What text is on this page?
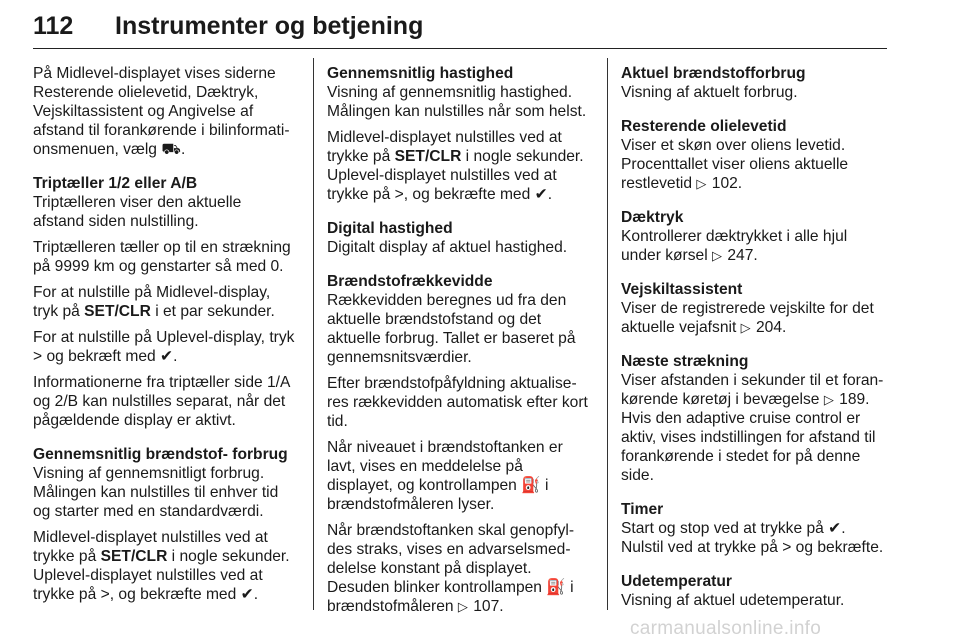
112 Instrumenter og betjening
På Midlevel-displayet vises siderne
Resterende olielevetid, Dæktryk,
Vejskiltassistent og Angivelse af
afstand til forankørende i bilinformati-
onsmenuen, vælg ⛟.
Triptæller 1/2 eller A/B
Triptælleren viser den aktuelle
afstand siden nulstilling.
Triptælleren tæller op til en strækning
på 9999 km og genstarter så med 0.
For at nulstille på Midlevel-display,
tryk på SET/CLR i et par sekunder.
For at nulstille på Uplevel-display, tryk
> og bekræft med ✔.
Informationerne fra triptæller side 1/A
og 2/B kan nulstilles separat, når det
pågældende display er aktivt.
Gennemsnitlig brændstof- forbrug
Visning af gennemsnitligt forbrug.
Målingen kan nulstilles til enhver tid
og starter med en standardværdi.
Midlevel-displayet nulstilles ved at
trykke på SET/CLR i nogle sekunder.
Uplevel-displayet nulstilles ved at
trykke på >, og bekræfte med ✔.
Gennemsnitlig hastighed
Visning af gennemsnitlig hastighed.
Målingen kan nulstilles når som helst.
Midlevel-displayet nulstilles ved at
trykke på SET/CLR i nogle sekunder.
Uplevel-displayet nulstilles ved at
trykke på >, og bekræfte med ✔.
Digital hastighed
Digitalt display af aktuel hastighed.
Brændstofrækkevidde
Rækkevidden beregnes ud fra den
aktuelle brændstofstand og det
aktuelle forbrug. Tallet er baseret på
gennemsnitsværdier.
Efter brændstofpåfyldning aktualise-
res rækkevidden automatisk efter kort
tid.
Når niveauet i brændstoftanken er
lavt, vises en meddelelse på
displayet, og kontrollampen ⛽ i
brændstofmåleren lyser.
Når brændstoftanken skal genopfyl-
des straks, vises en advarselsmed-
delelse konstant på displayet.
Desuden blinker kontrollampen ⛽ i
brændstofmåleren ▷ 107.
Aktuel brændstofforbrug
Visning af aktuelt forbrug.
Resterende olielevetid
Viser et skøn over oliens levetid.
Procenttallet viser oliens aktuelle
restlevetid ▷ 102.
Dæktryk
Kontrollerer dæktrykket i alle hjul
under kørsel ▷ 247.
Vejskiltassistent
Viser de registrerede vejskilte for det
aktuelle vejafsnit ▷ 204.
Næste strækning
Viser afstanden i sekunder til et foran-
kørende køretøj i bevægelse ▷ 189.
Hvis den adaptive cruise control er
aktiv, vises indstillingen for afstand til
forankørende i stedet for på denne
side.
Timer
Start og stop ved at trykke på ✔.
Nulstil ved at trykke på > og bekræfte.
Udetemperatur
Visning af aktuel udetemperatur.
carmanualsonline.info
